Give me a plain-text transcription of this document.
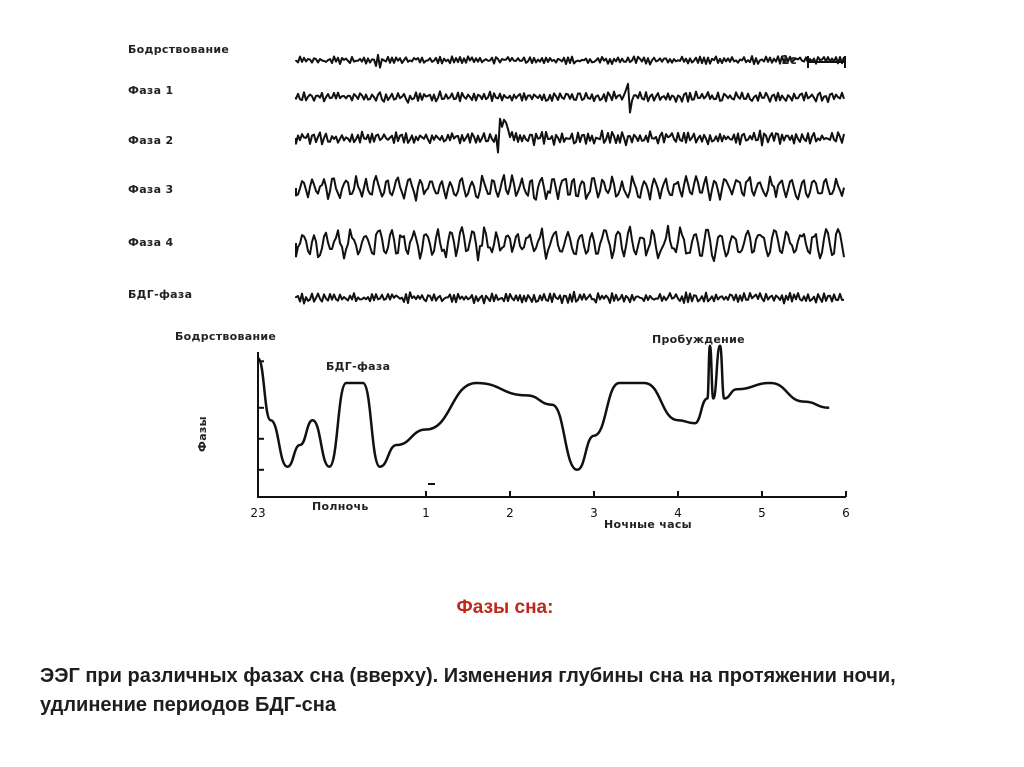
Бодрствование
Фаза 1
Фаза 2
Фаза 3
Фаза 4
БДГ-фаза
1c
Бодрствование
БДГ-фаза
Пробуждение
Фазы
Полночь
Ночные часы
23	1	2	3	4	5	6
Фазы сна:
ЭЭГ при различных фазах сна (вверху). Изменения глубины сна на протяжении ночи, удлинение периодов БДГ-сна
